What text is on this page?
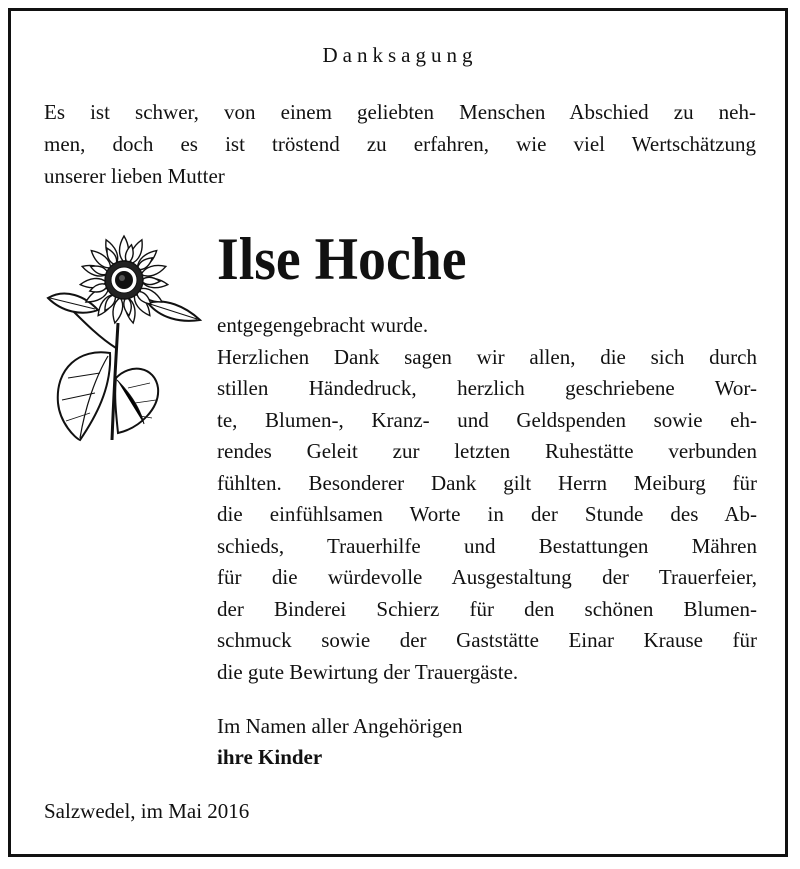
Danksagung
Es ist schwer, von einem geliebten Menschen Abschied zu neh-
men, doch es ist tröstend zu erfahren, wie viel Wertschätzung
unserer lieben Mutter
Ilse Hoche
entgegengebracht wurde.
Herzlichen Dank sagen wir allen, die sich durch
stillen Händedruck, herzlich geschriebene Wor-
te, Blumen-, Kranz- und Geldspenden sowie eh-
rendes Geleit zur letzten Ruhestätte verbunden
fühlten. Besonderer Dank gilt Herrn Meiburg für
die einfühlsamen Worte in der Stunde des Ab-
schieds, Trauerhilfe und Bestattungen Mähren
für die würdevolle Ausgestaltung der Trauerfeier,
der Binderei Schierz für den schönen Blumen-
schmuck sowie der Gaststätte Einar Krause für
die gute Bewirtung der Trauergäste.
Im Namen aller Angehörigen
ihre Kinder
Salzwedel, im Mai 2016
